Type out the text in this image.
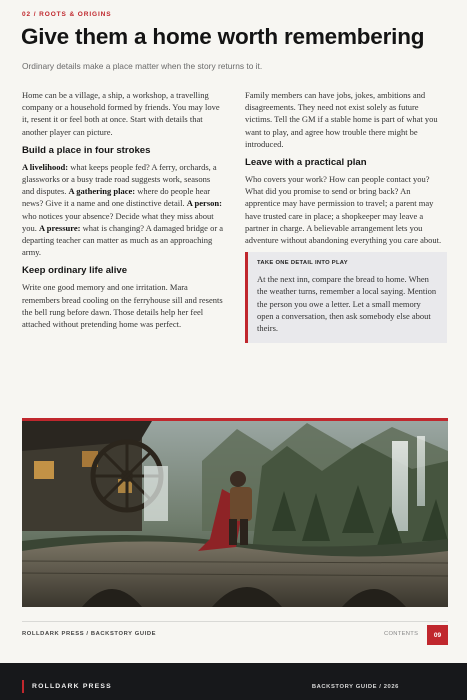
02 / ROOTS & ORIGINS
Give them a home worth remembering
Ordinary details make a place matter when the story returns to it.

Home can be a village, a ship, a workshop, a travelling company or a household formed by friends. You may love it, resent it or feel both at once. Start with details that another player can picture.

Build a place in four strokes

A livelihood: what keeps people fed? A ferry, orchards, a glassworks or a busy trade road suggests work, seasons and disputes. A gathering place: where do people hear news? Give it a name and one distinctive detail. A person: who notices your absence? Decide what they miss about you. A pressure: what is changing? A damaged bridge or a departing teacher can matter as much as an approaching army.

Keep ordinary life alive

Write one good memory and one irritation. Mara remembers bread cooling on the ferryhouse sill and resents the bell rung before dawn. Those details help her feel attached without pretending home was perfect.

Family members can have jobs, jokes, ambitions and disagreements. They need not exist solely as future victims. Tell the GM if a stable home is part of what you want to play, and agree how trouble there might be introduced.

Leave with a practical plan

Who covers your work? How can people contact you? What did you promise to send or bring back? An apprentice may have permission to travel; a parent may have trusted care in place; a shopkeeper may leave a partner in charge. A believable arrangement lets you adventure without abandoning everything you care about.

TAKE ONE DETAIL INTO PLAY

At the next inn, compare the bread to home. When the weather turns, remember a local saying. Mention the person you owe a letter. Let a small memory open a conversation, then ask somebody else about theirs.

ROLLDARK PRESS / BACKSTORY GUIDE	CONTENTS	09
ROLLDARK PRESS	BACKSTORY GUIDE / 2026
